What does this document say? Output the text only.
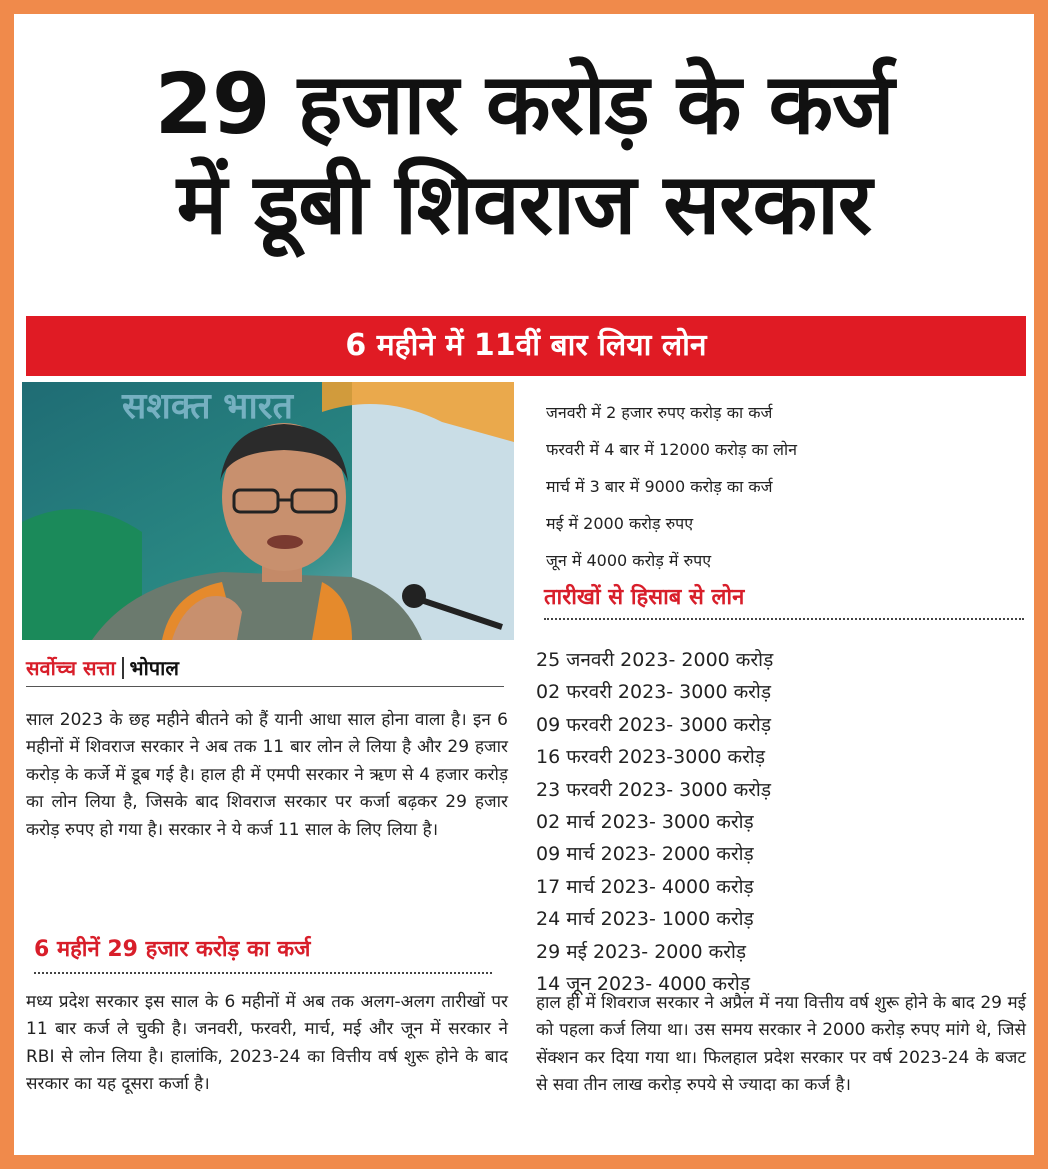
29 हजार करोड़ के कर्ज
में डूबी शिवराज सरकार
6 महीने में 11वीं बार लिया लोन
सशक्त भारत	जनवरी में 2 हजार रुपए करोड़ का कर्ज
फरवरी में 4 बार में 12000 करोड़ का लोन
मार्च में 3 बार में 9000 करोड़ का कर्ज
मई में 2000 करोड़ रुपए
जून में 4000 करोड़ में रुपए
तारीखों से हिसाब से लोन
25 जनवरी 2023- 2000 करोड़
02 फरवरी 2023- 3000 करोड़
09 फरवरी 2023- 3000 करोड़
16 फरवरी 2023-3000 करोड़
23 फरवरी 2023- 3000 करोड़
02 मार्च 2023- 3000 करोड़
09 मार्च 2023- 2000 करोड़
17 मार्च 2023- 4000 करोड़
24 मार्च 2023- 1000 करोड़
29 मई 2023- 2000 करोड़
14 जून 2023- 4000 करोड़
सर्वोच्च सत्ता भोपाल
साल 2023 के छह महीने बीतने को हैं यानी आधा साल होना वाला है। इन 6 महीनों में शिवराज सरकार ने अब तक 11 बार लोन ले लिया है और 29 हजार करोड़ के कर्जे में डूब गई है। हाल ही में एमपी सरकार ने ऋण से 4 हजार करोड़ का लोन लिया है, जिसके बाद शिवराज सरकार पर कर्जा बढ़कर 29 हजार करोड़ रुपए हो गया है। सरकार ने ये कर्ज 11 साल के लिए लिया है।
6 महीनें 29 हजार करोड़ का कर्ज
मध्य प्रदेश सरकार इस साल के 6 महीनों में अब तक अलग-अलग तारीखों पर 11 बार कर्ज ले चुकी है। जनवरी, फरवरी, मार्च, मई और जून में सरकार ने RBI से लोन लिया है। हालांकि, 2023-24 का वित्तीय वर्ष शुरू होने के बाद सरकार का यह दूसरा कर्जा है।
हाल ही में शिवराज सरकार ने अप्रैल में नया वित्तीय वर्ष शुरू होने के बाद 29 मई को पहला कर्ज लिया था। उस समय सरकार ने 2000 करोड़ रुपए मांगे थे, जिसे सेंक्शन कर दिया गया था। फिलहाल प्रदेश सरकार पर वर्ष 2023-24 के बजट से सवा तीन लाख करोड़ रुपये से ज्यादा का कर्ज है।
